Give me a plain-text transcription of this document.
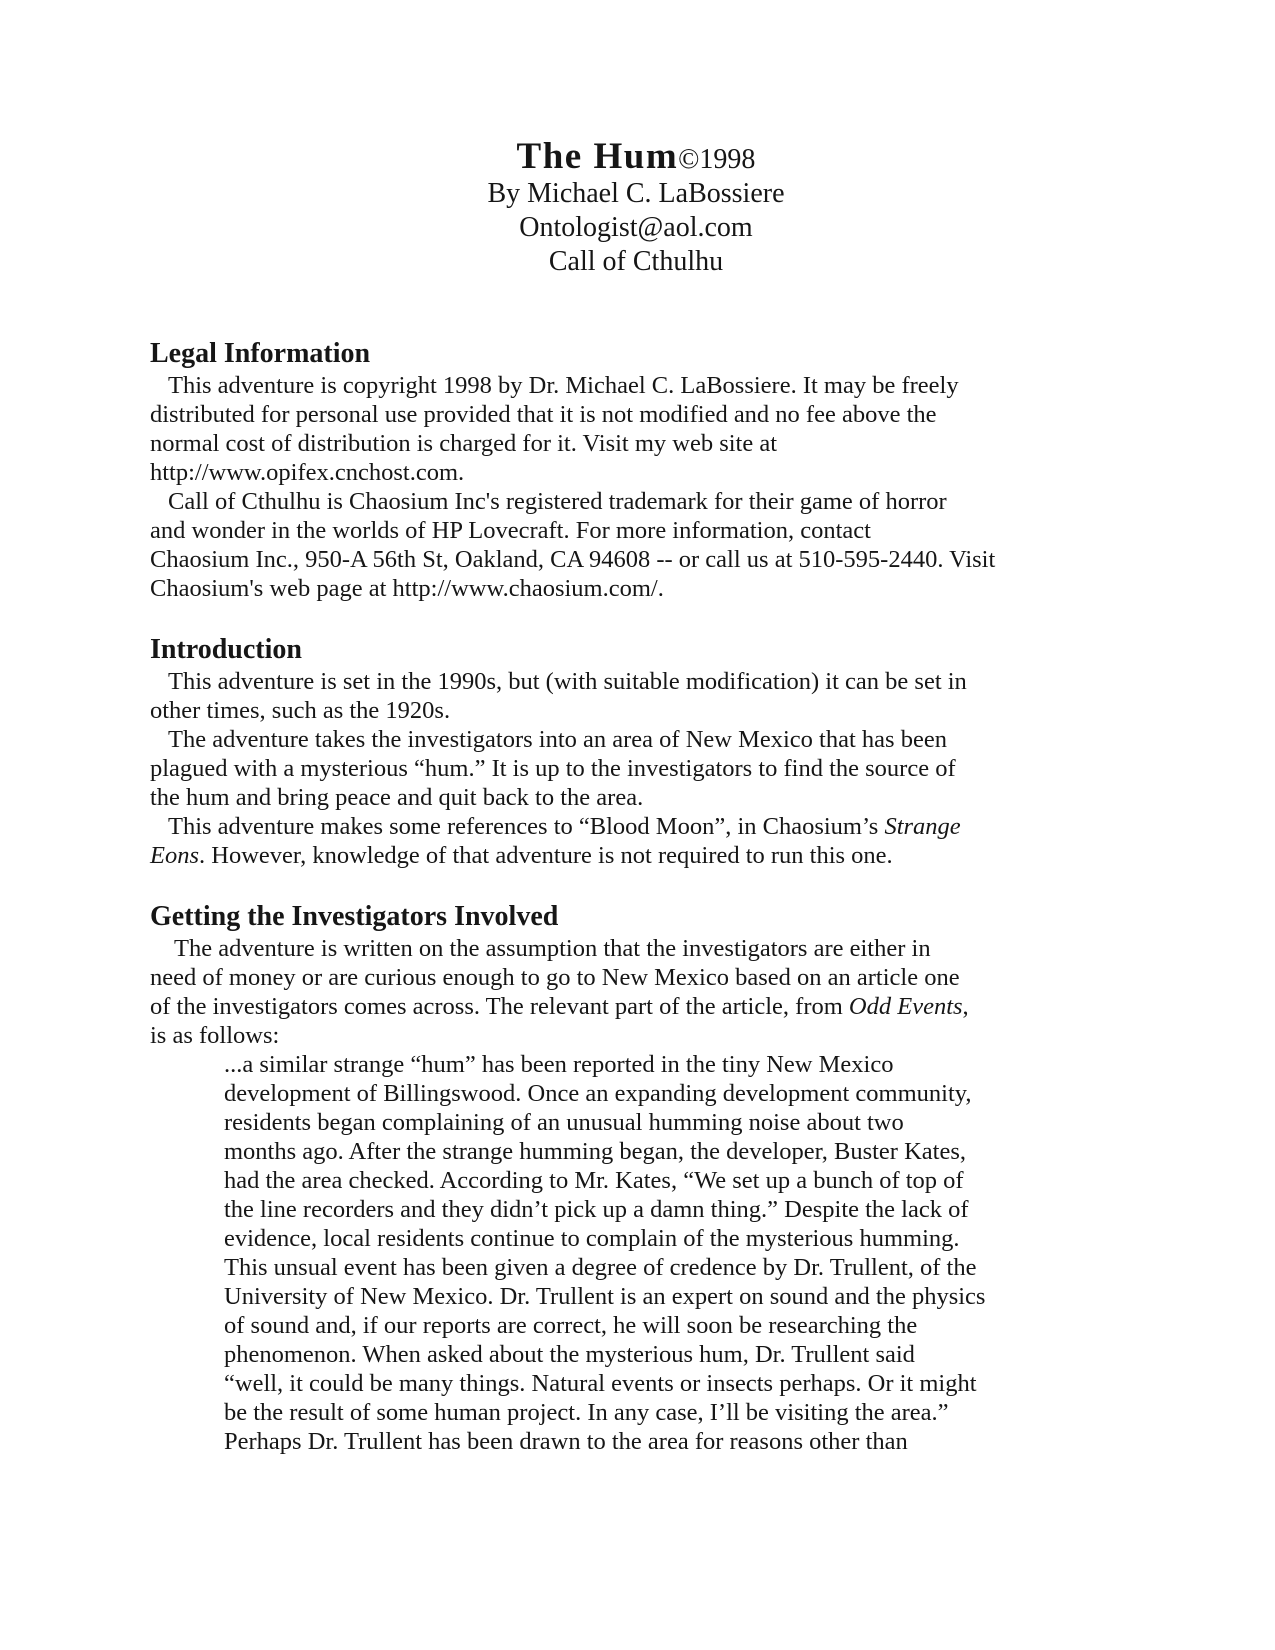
The Hum©1998
By Michael C. LaBossiere
Ontologist@aol.com
Call of Cthulhu
Legal Information
This adventure is copyright 1998 by Dr. Michael C. LaBossiere. It may be freely
distributed for personal use provided that it is not modified and no fee above the
normal cost of distribution is charged for it. Visit my web site at
http://www.opifex.cnchost.com.
Call of Cthulhu is Chaosium Inc's registered trademark for their game of horror
and wonder in the worlds of HP Lovecraft. For more information, contact
Chaosium Inc., 950-A 56th St, Oakland, CA 94608 -- or call us at 510-595-2440. Visit
Chaosium's web page at http://www.chaosium.com/.
Introduction
This adventure is set in the 1990s, but (with suitable modification) it can be set in
other times, such as the 1920s.
The adventure takes the investigators into an area of New Mexico that has been
plagued with a mysterious “hum.” It is up to the investigators to find the source of
the hum and bring peace and quit back to the area.
This adventure makes some references to “Blood Moon”, in Chaosium’s Strange
Eons. However, knowledge of that adventure is not required to run this one.
Getting the Investigators Involved
The adventure is written on the assumption that the investigators are either in
need of money or are curious enough to go to New Mexico based on an article one
of the investigators comes across. The relevant part of the article, from Odd Events,
is as follows:
...a similar strange “hum” has been reported in the tiny New Mexico
development of Billingswood. Once an expanding development community,
residents began complaining of an unusual humming noise about two
months ago. After the strange humming began, the developer, Buster Kates,
had the area checked. According to Mr. Kates, “We set up a bunch of top of
the line recorders and they didn’t pick up a damn thing.” Despite the lack of
evidence, local residents continue to complain of the mysterious humming.
This unsual event has been given a degree of credence by Dr. Trullent, of the
University of New Mexico. Dr. Trullent is an expert on sound and the physics
of sound and, if our reports are correct, he will soon be researching the
phenomenon. When asked about the mysterious hum, Dr. Trullent said
“well, it could be many things. Natural events or insects perhaps. Or it might
be the result of some human project. In any case, I’ll be visiting the area.”
Perhaps Dr. Trullent has been drawn to the area for reasons other than
